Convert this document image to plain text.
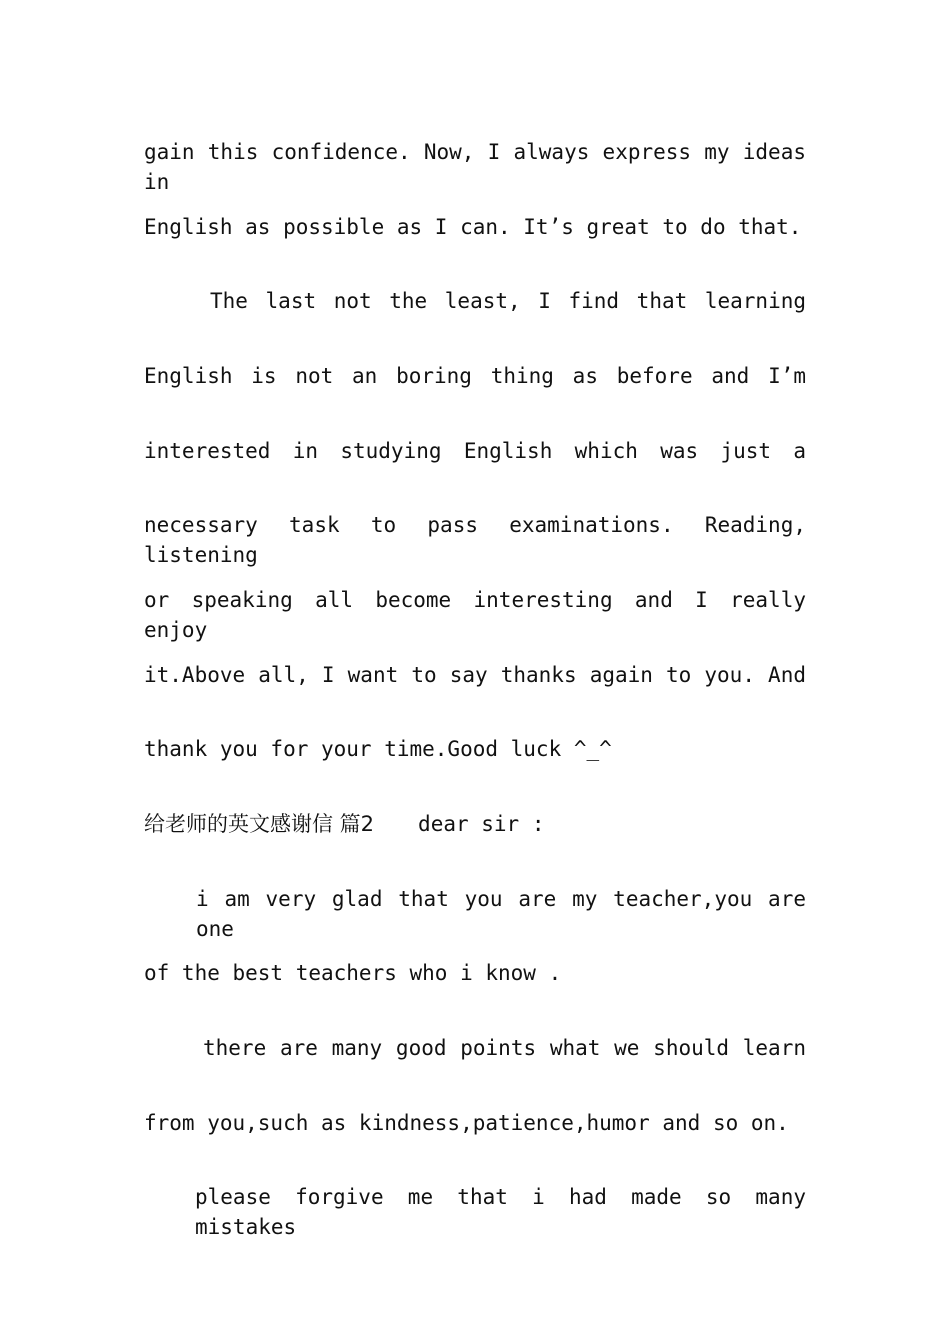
gain this confidence. Now, I always express my ideas in
English as possible as I can. It’s great to do that.
The last not the least, I find that learning
English is not an boring thing as before and I’m
interested in studying English which was just a
necessary task to pass examinations. Reading, listening
or speaking all become interesting and I really enjoy
it.Above all, I want to say thanks again to you. And
thank you for your time.Good luck ^_^
给老师的英文感谢信 篇2 dear sir :
i am very glad that you are my teacher,you are one
of the best teachers who i know .
there are many good points what we should learn
from you,such as kindness,patience,humor and so on.
please forgive me that i had made so many mistakes
